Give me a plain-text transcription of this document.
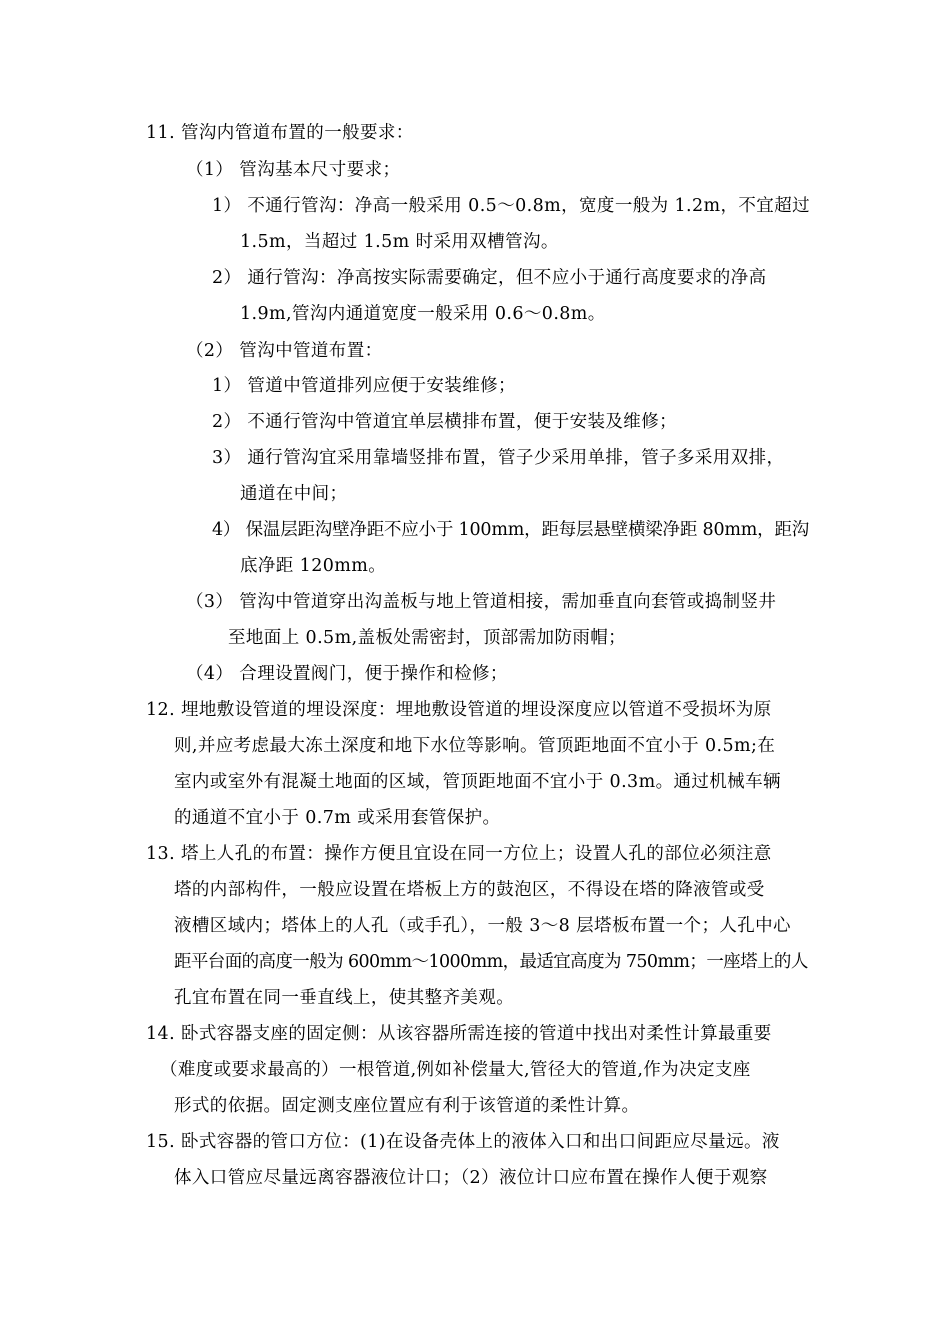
11. 管沟内管道布置的一般要求：
（1） 管沟基本尺寸要求；
1） 不通行管沟：净高一般采用 0.5～0.8m，宽度一般为 1.2m，不宜超过
1.5m，当超过 1.5m 时采用双槽管沟。
2） 通行管沟：净高按实际需要确定，但不应小于通行高度要求的净高
1.9m,管沟内通道宽度一般采用 0.6～0.8m。
（2） 管沟中管道布置：
1） 管道中管道排列应便于安装维修；
2） 不通行管沟中管道宜单层横排布置，便于安装及维修；
3） 通行管沟宜采用靠墙竖排布置，管子少采用单排，管子多采用双排，
通道在中间；
4） 保温层距沟壁净距不应小于 100mm，距每层悬壁横梁净距 80mm，距沟
底净距 120mm。
（3） 管沟中管道穿出沟盖板与地上管道相接，需加垂直向套管或捣制竖井
至地面上 0.5m,盖板处需密封，顶部需加防雨帽；
（4） 合理设置阀门，便于操作和检修；
12. 埋地敷设管道的埋设深度：埋地敷设管道的埋设深度应以管道不受损坏为原
则,并应考虑最大冻土深度和地下水位等影响。管顶距地面不宜小于 0.5m;在
室内或室外有混凝土地面的区域，管顶距地面不宜小于 0.3m。通过机械车辆
的通道不宜小于 0.7m 或采用套管保护。
13. 塔上人孔的布置：操作方便且宜设在同一方位上；设置人孔的部位必须注意
塔的内部构件，一般应设置在塔板上方的鼓泡区，不得设在塔的降液管或受
液槽区域内；塔体上的人孔（或手孔），一般 3～8 层塔板布置一个；人孔中心
距平台面的高度一般为 600mm～1000mm，最适宜高度为 750mm；一座塔上的人
孔宜布置在同一垂直线上，使其整齐美观。
14. 卧式容器支座的固定侧：从该容器所需连接的管道中找出对柔性计算最重要
（难度或要求最高的）一根管道,例如补偿量大,管径大的管道,作为决定支座
形式的依据。固定测支座位置应有利于该管道的柔性计算。
15. 卧式容器的管口方位：(1)在设备壳体上的液体入口和出口间距应尽量远。液
体入口管应尽量远离容器液位计口；（2）液位计口应布置在操作人便于观察
